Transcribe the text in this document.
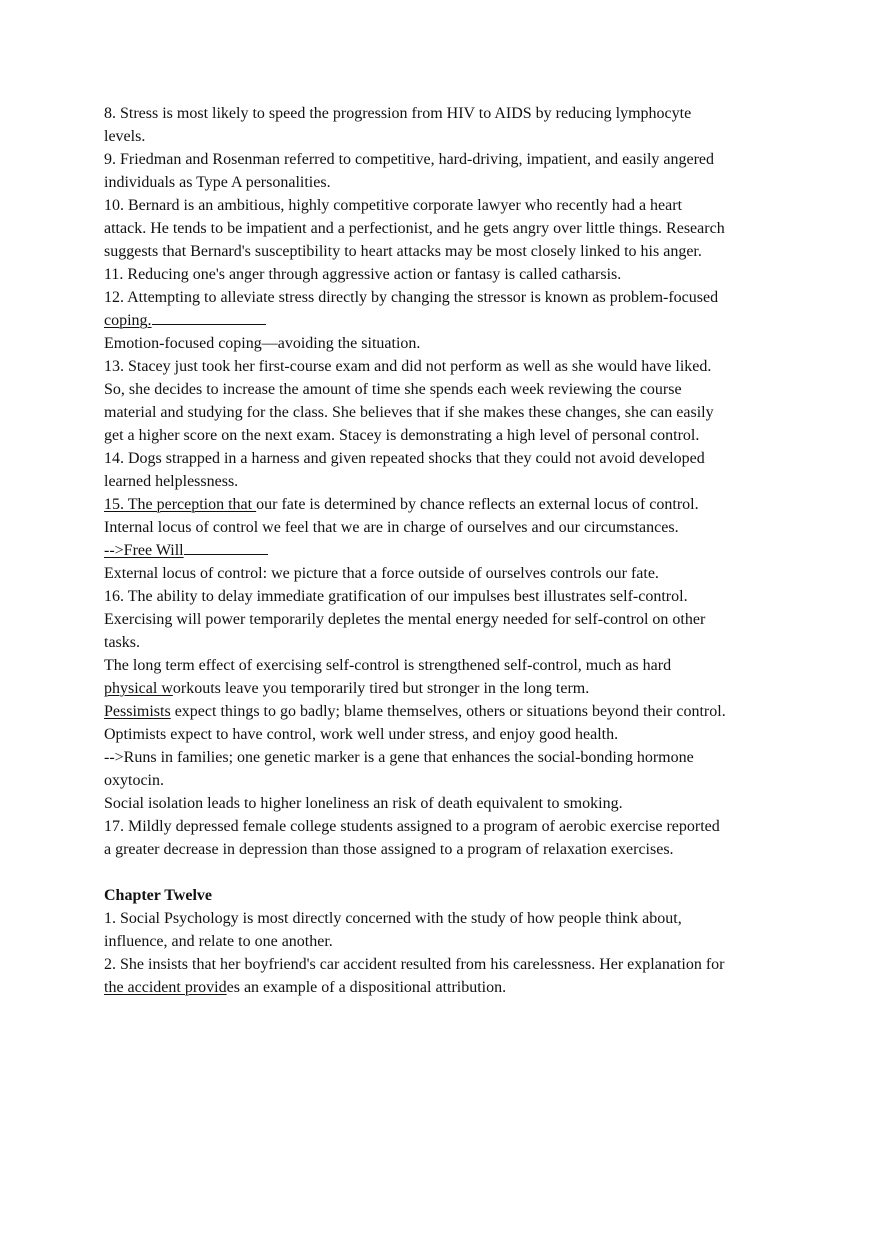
8. Stress is most likely to speed the progression from HIV to AIDS by reducing lymphocyte
levels.
9. Friedman and Rosenman referred to competitive, hard-driving, impatient, and easily angered
individuals as Type A personalities.
10. Bernard is an ambitious, highly competitive corporate lawyer who recently had a heart
attack. He tends to be impatient and a perfectionist, and he gets angry over little things. Research
suggests that Bernard's susceptibility to heart attacks may be most closely linked to his anger.
11. Reducing one's anger through aggressive action or fantasy is called catharsis.
12. Attempting to alleviate stress directly by changing the stressor is known as problem-focused
coping.
Emotion-focused coping—avoiding the situation.
13. Stacey just took her first-course exam and did not perform as well as she would have liked.
So, she decides to increase the amount of time she spends each week reviewing the course
material and studying for the class. She believes that if she makes these changes, she can easily
get a higher score on the next exam. Stacey is demonstrating a high level of personal control.
14. Dogs strapped in a harness and given repeated shocks that they could not avoid developed
learned helplessness.
15. The perception that our fate is determined by chance reflects an external locus of control.
Internal locus of control we feel that we are in charge of ourselves and our circumstances.
-->Free Will
External locus of control: we picture that a force outside of ourselves controls our fate.
16. The ability to delay immediate gratification of our impulses best illustrates self-control.
Exercising will power temporarily depletes the mental energy needed for self-control on other
tasks.
The long term effect of exercising self-control is strengthened self-control, much as hard
physical workouts leave you temporarily tired but stronger in the long term.
Pessimists expect things to go badly; blame themselves, others or situations beyond their control.
Optimists expect to have control, work well under stress, and enjoy good health.
-->Runs in families; one genetic marker is a gene that enhances the social-bonding hormone
oxytocin.
Social isolation leads to higher loneliness an risk of death equivalent to smoking.
17. Mildly depressed female college students assigned to a program of aerobic exercise reported
a greater decrease in depression than those assigned to a program of relaxation exercises.
Chapter Twelve
1. Social Psychology is most directly concerned with the study of how people think about,
influence, and relate to one another.
2. She insists that her boyfriend's car accident resulted from his carelessness. Her explanation for
the accident provides an example of a dispositional attribution.
